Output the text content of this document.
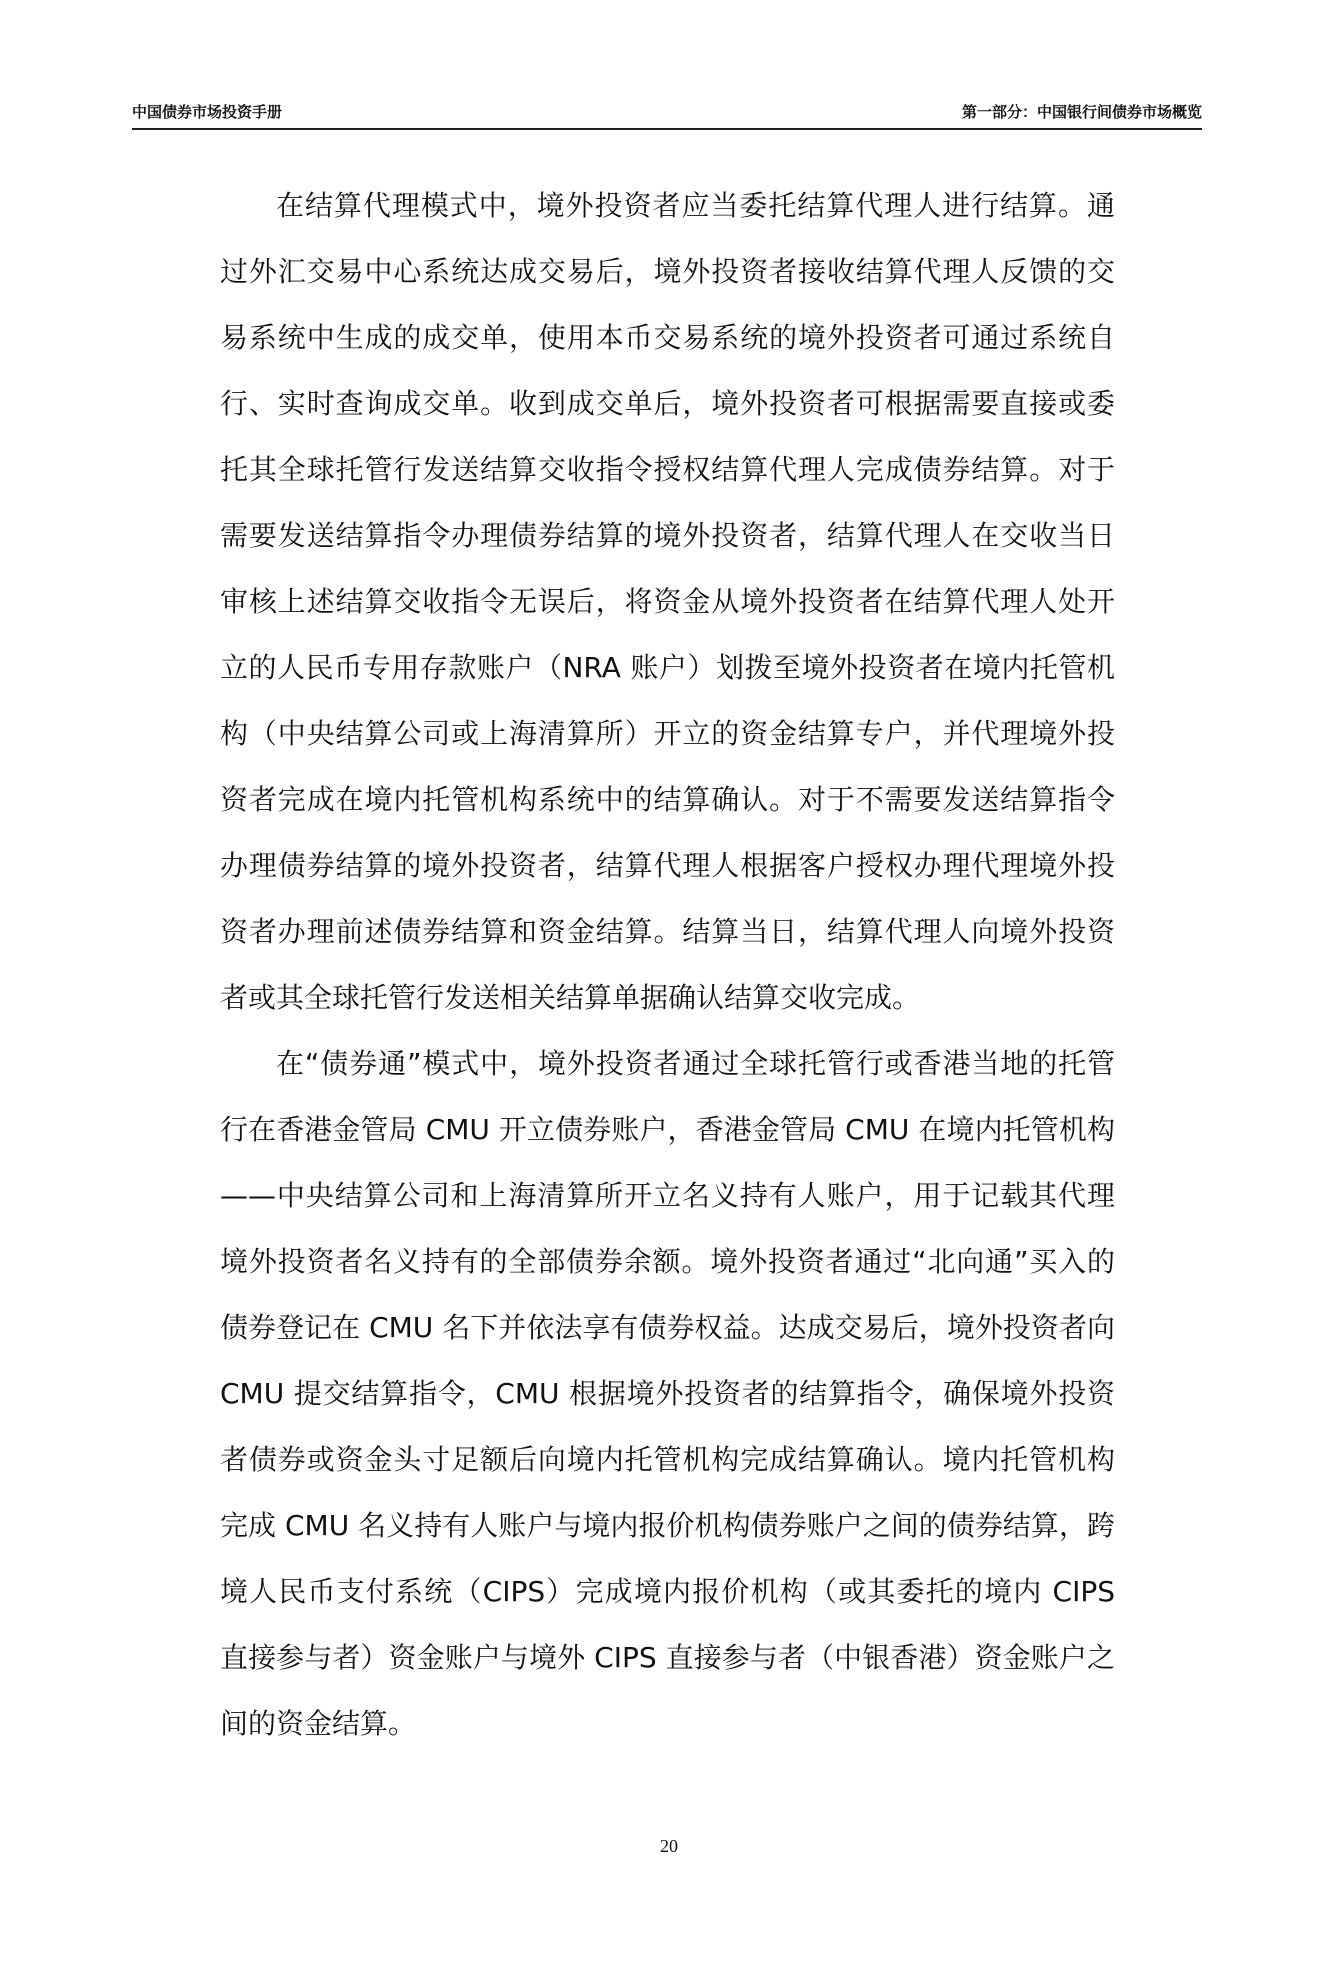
中国债券市场投资手册	第一部分：中国银行间债券市场概览

在结算代理模式中，境外投资者应当委托结算代理人进行结算。通过外汇交易中心系统达成交易后，境外投资者接收结算代理人反馈的交易系统中生成的成交单，使用本币交易系统的境外投资者可通过系统自行、实时查询成交单。收到成交单后，境外投资者可根据需要直接或委托其全球托管行发送结算交收指令授权结算代理人完成债券结算。对于需要发送结算指令办理债券结算的境外投资者，结算代理人在交收当日审核上述结算交收指令无误后，将资金从境外投资者在结算代理人处开立的人民币专用存款账户（NRA 账户）划拨至境外投资者在境内托管机构（中央结算公司或上海清算所）开立的资金结算专户，并代理境外投资者完成在境内托管机构系统中的结算确认。对于不需要发送结算指令办理债券结算的境外投资者，结算代理人根据客户授权办理代理境外投资者办理前述债券结算和资金结算。结算当日，结算代理人向境外投资者或其全球托管行发送相关结算单据确认结算交收完成。

在“债券通”模式中，境外投资者通过全球托管行或香港当地的托管行在香港金管局 CMU 开立债券账户，香港金管局 CMU 在境内托管机构——中央结算公司和上海清算所开立名义持有人账户，用于记载其代理境外投资者名义持有的全部债券余额。境外投资者通过“北向通”买入的债券登记在 CMU 名下并依法享有债券权益。达成交易后，境外投资者向 CMU 提交结算指令，CMU 根据境外投资者的结算指令，确保境外投资者债券或资金头寸足额后向境内托管机构完成结算确认。境内托管机构完成 CMU 名义持有人账户与境内报价机构债券账户之间的债券结算，跨境人民币支付系统（CIPS）完成境内报价机构（或其委托的境内 CIPS 直接参与者）资金账户与境外 CIPS 直接参与者（中银香港）资金账户之间的资金结算。

20
